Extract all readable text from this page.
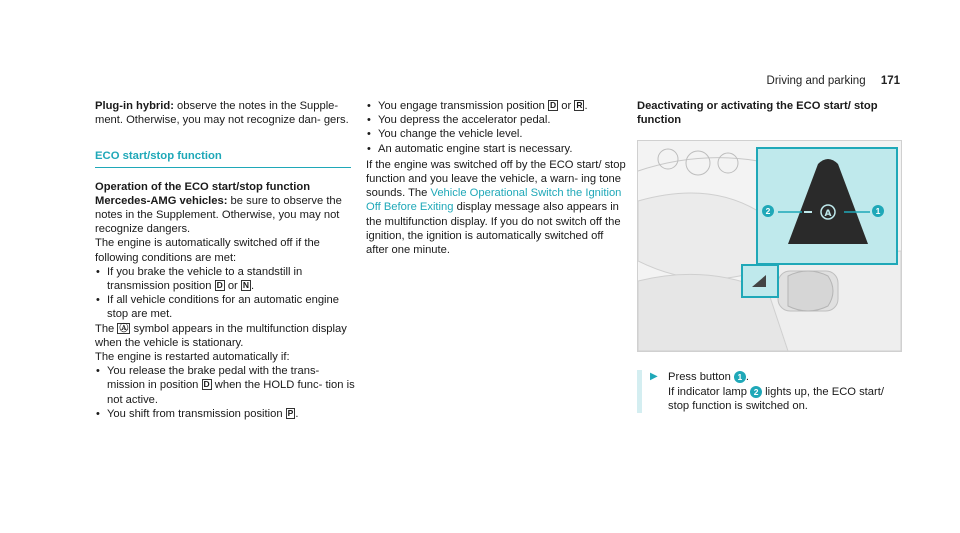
Driving and parking 171

Plug-in hybrid: observe the notes in the Supple- ment. Otherwise, you may not recognize dan- gers.

ECO start/stop function

Operation of the ECO start/stop function Mercedes-AMG vehicles: be sure to observe the notes in the Supplement. Otherwise, you may not recognize dangers.

The engine is automatically switched off if the following conditions are met:

• If you brake the vehicle to a standstill in transmission position D or N .
• If all vehicle conditions for an automatic engine stop are met.

The Ⓐ symbol appears in the multifunction display when the vehicle is stationary.

The engine is restarted automatically if:

• You release the brake pedal with the trans- mission in position D when the HOLD func- tion is not active.
• You shift from transmission position P .
• You engage transmission position D or R .
• You depress the accelerator pedal.
• You change the vehicle level.
• An automatic engine start is necessary.

If the engine was switched off by the ECO start/ stop function and you leave the vehicle, a warn- ing tone sounds. The Vehicle Operational Switch the Ignition Off Before Exiting display message also appears in the multifunction display. If you do not switch off the ignition, the ignition is automatically switched off after one minute.

Deactivating or activating the ECO start/ stop function

A
2	1
▶ Press button 1 .

If indicator lamp 2 lights up, the ECO start/ stop function is switched on.
